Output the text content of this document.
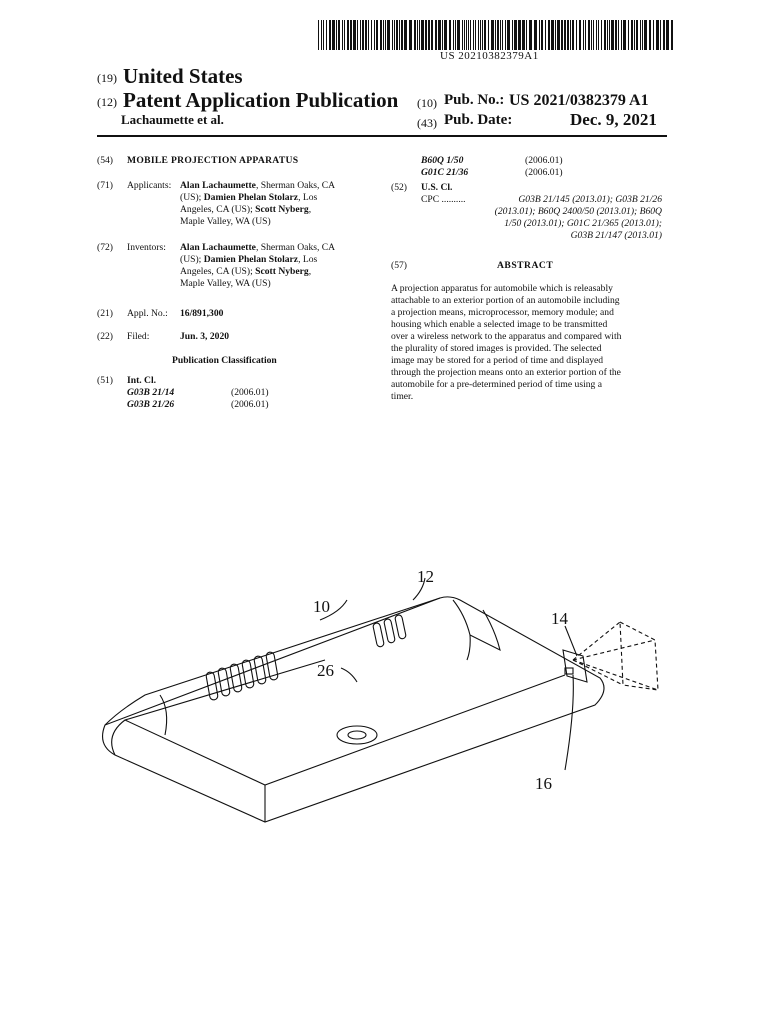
US 20210382379A1
(19) United States
(12) Patent Application Publication
Lachaumette et al.
(10) Pub. No.: US 2021/0382379 A1
(43) Pub. Date:	Dec. 9, 2021
(54) MOBILE PROJECTION APPARATUS
(71) Applicants: Alan Lachaumette, Sherman Oaks, CA
(US); Damien Phelan Stolarz, Los
Angeles, CA (US); Scott Nyberg,
Maple Valley, WA (US)
(72) Inventors: Alan Lachaumette, Sherman Oaks, CA
(US); Damien Phelan Stolarz, Los
Angeles, CA (US); Scott Nyberg,
Maple Valley, WA (US)
(21) Appl. No.: 16/891,300
(22) Filed:	Jun. 3, 2020
Publication Classification
(51) Int. Cl.
G03B 21/14	(2006.01)
G03B 21/26	(2006.01)
B60Q 1/50	(2006.01)
G01C 21/36	(2006.01)
(52) U.S. Cl.
CPC ..........	G03B 21/145 (2013.01); G03B 21/26
(2013.01); B60Q 2400/50 (2013.01); B60Q
1/50 (2013.01); G01C 21/365 (2013.01);
G03B 21/147 (2013.01)
(57)	ABSTRACT
A projection apparatus for automobile which is releasably
attachable to an exterior portion of an automobile including
a projection means, microprocessor, memory module; and
housing which enable a selected image to be transmitted
over a wireless network to the apparatus and compared with
the plurality of stored images is provided. The selected
image may be stored for a period of time and displayed
through the projection means onto an exterior portion of the
automobile for a pre-determined period of time using a
timer.
10
12
14
16
26
